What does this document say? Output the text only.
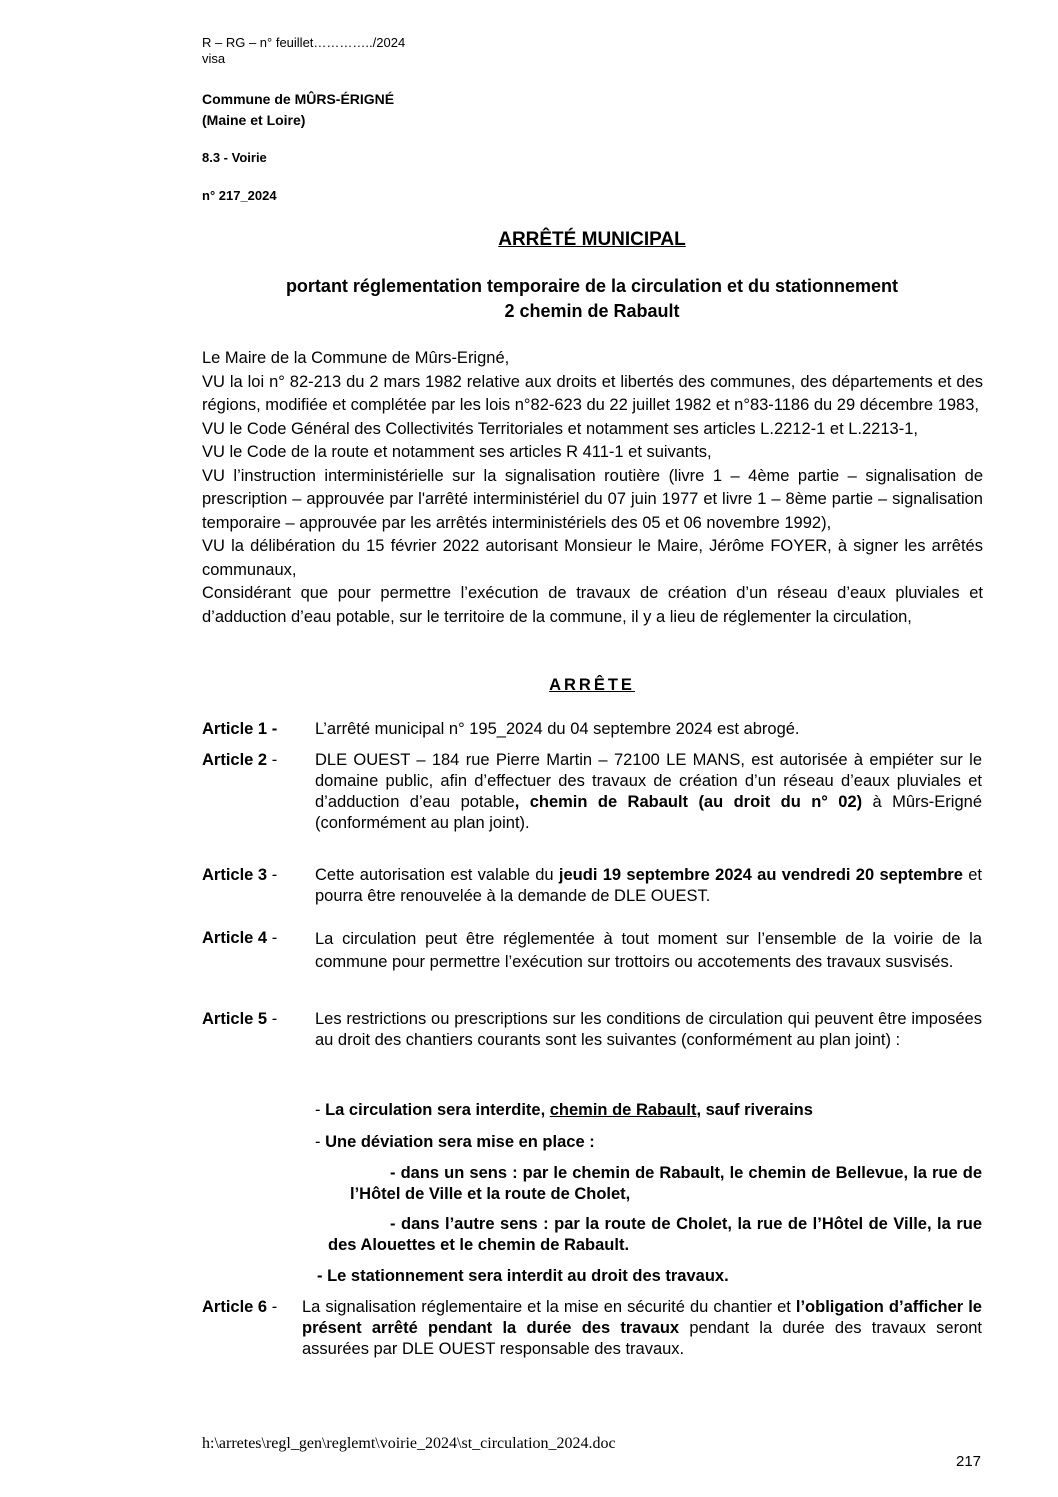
R – RG – n° feuillet…………../2024
visa
Commune de MÛRS-ÉRIGNÉ
(Maine et Loire)
8.3 - Voirie
n° 217_2024
ARRÊTÉ MUNICIPAL
portant réglementation temporaire de la circulation et du stationnement
2 chemin de Rabault

Le Maire de la Commune de Mûrs-Erigné,

VU la loi n° 82-213 du 2 mars 1982 relative aux droits et libertés des communes, des départements et des régions, modifiée et complétée par les lois n°82-623 du 22 juillet 1982 et n°83-1186 du 29 décembre 1983,

VU le Code Général des Collectivités Territoriales et notamment ses articles L.2212-1 et L.2213-1,

VU le Code de la route et notamment ses articles R 411-1 et suivants,

VU l’instruction interministérielle sur la signalisation routière (livre 1 – 4ème partie – signalisation de prescription – approuvée par l'arrêté interministériel du 07 juin 1977 et livre 1 – 8ème partie – signalisation temporaire – approuvée par les arrêtés interministériels des 05 et 06 novembre 1992),

VU la délibération du 15 février 2022 autorisant Monsieur le Maire, Jérôme FOYER, à signer les arrêtés communaux,

Considérant que pour permettre l’exécution de travaux de création d’un réseau d’eaux pluviales et d’adduction d’eau potable, sur le territoire de la commune, il y a lieu de réglementer la circulation,

ARRÊTE
Article 1 - L’arrêté municipal n° 195_2024 du 04 septembre 2024 est abrogé.
Article 2 - DLE OUEST – 184 rue Pierre Martin – 72100 LE MANS, est autorisée à empiéter sur le domaine public, afin d’effectuer des travaux de création d’un réseau d’eaux pluviales et d’adduction d’eau potable, chemin de Rabault (au droit du n° 02) à Mûrs-Erigné (conformément au plan joint).
Article 3 - Cette autorisation est valable du jeudi 19 septembre 2024 au vendredi 20 septembre et pourra être renouvelée à la demande de DLE OUEST.
Article 4 - La circulation peut être réglementée à tout moment sur l’ensemble de la voirie de la commune pour permettre l’exécution sur trottoirs ou accotements des travaux susvisés.
Article 5 - Les restrictions ou prescriptions sur les conditions de circulation qui peuvent être imposées au droit des chantiers courants sont les suivantes (conformément au plan joint) :
- La circulation sera interdite, chemin de Rabault, sauf riverains
- Une déviation sera mise en place :
- dans un sens : par le chemin de Rabault, le chemin de Bellevue, la rue de l’Hôtel de Ville et la route de Cholet,
- dans l’autre sens : par la route de Cholet, la rue de l’Hôtel de Ville, la rue des Alouettes et le chemin de Rabault.
- Le stationnement sera interdit au droit des travaux.
Article 6 - La signalisation réglementaire et la mise en sécurité du chantier et l’obligation d’afficher le présent arrêté pendant la durée des travaux pendant la durée des travaux seront assurées par DLE OUEST responsable des travaux.
h:\arretes\regl_gen\reglemt\voirie_2024\st_circulation_2024.doc
217
